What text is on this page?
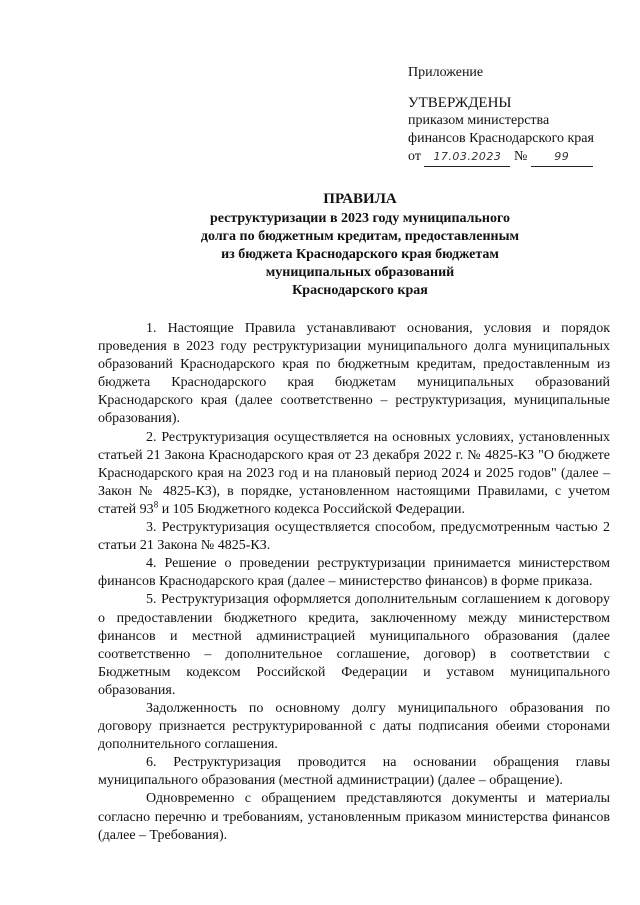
Приложение
УТВЕРЖДЕНЫ
приказом министерства
финансов Краснодарского края
от 17.03.2023 № 99
ПРАВИЛА
реструктуризации в 2023 году муниципального
долга по бюджетным кредитам, предоставленным
из бюджета Краснодарского края бюджетам
муниципальных образований
Краснодарского края

1. Настоящие Правила устанавливают основания, условия и порядок проведения в 2023 году реструктуризации муниципального долга муниципальных образований Краснодарского края по бюджетным кредитам, предоставленным из бюджета Краснодарского края бюджетам муниципальных образований Краснодарского края (далее соответственно – реструктуризация, муниципальные образования).

2. Реструктуризация осуществляется на основных условиях, установленных статьей 21 Закона Краснодарского края от 23 декабря 2022 г. № 4825-КЗ "О бюджете Краснодарского края на 2023 год и на плановый период 2024 и 2025 годов" (далее – Закон № 4825-КЗ), в порядке, установленном настоящими Правилами, с учетом статей $93^8$ и 105 Бюджетного кодекса Российской Федерации.

3. Реструктуризация осуществляется способом, предусмотренным частью 2 статьи 21 Закона № 4825-КЗ.

4. Решение о проведении реструктуризации принимается министерством финансов Краснодарского края (далее – министерство финансов) в форме приказа.

5. Реструктуризация оформляется дополнительным соглашением к договору о предоставлении бюджетного кредита, заключенному между министерством финансов и местной администрацией муниципального образования (далее соответственно – дополнительное соглашение, договор) в соответствии с Бюджетным кодексом Российской Федерации и уставом муниципального образования.

Задолженность по основному долгу муниципального образования по договору признается реструктурированной с даты подписания обеими сторонами дополнительного соглашения.

6. Реструктуризация проводится на основании обращения главы муниципального образования (местной администрации) (далее – обращение).

Одновременно с обращением представляются документы и материалы согласно перечню и требованиям, установленным приказом министерства финансов (далее – Требования).
